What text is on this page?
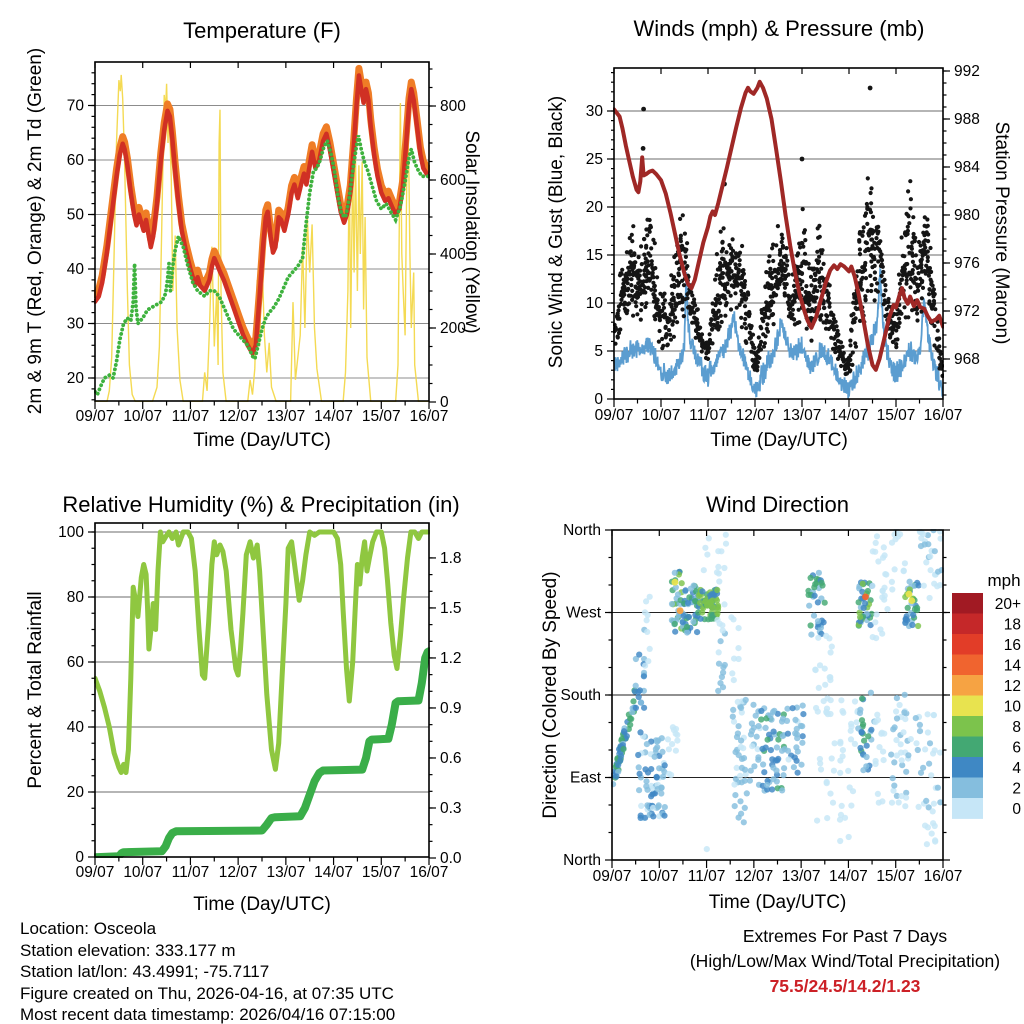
09/07 10/07 11/07 12/07 13/07 14/07 15/07 16/07
20
30
40
50
60
70
0
200
400
600
800
09/07 10/07 11/07 12/07 13/07 14/07 15/07 16/07
0
5
10
15
20
25
30
968
972
976
980
984
988
992
09/07 10/07 11/07 12/07 13/07 14/07 15/07 16/07
0
20
40
60
80
100
0.0
0.3
0.6
0.9
1.2
1.5
1.8
09/07 10/07 11/07 12/07 13/07 14/07 15/07 16/07
North
West
South
East
North
20+
18
16
14
12
10
8
6
4
2
0
Temperature (F)	Winds (mph) & Pressure (mb)
Relative Humidity (%) & Precipitation (in)	Wind Direction
Time (Day/UTC)	Time (Day/UTC)
Time (Day/UTC)	Time (Day/UTC)
2m & 9m T (Red, Orange) & 2m Td (Green)	Solar Insolation (Yellow)	Sonic Wind & Gust (Blue, Black)	Station Pressure (Maroon)
Percent & Total Rainfall	Direction (Colored By Speed)	mph
Location: Osceola
Station elevation: 333.177 m
Station lat/lon: 43.4991; -75.7117
Figure created on Thu, 2026-04-16, at 07:35 UTC
Most recent data timestamp: 2026/04/16 07:15:00
Extremes For Past 7 Days
(High/Low/Max Wind/Total Precipitation)
75.5/24.5/14.2/1.23
